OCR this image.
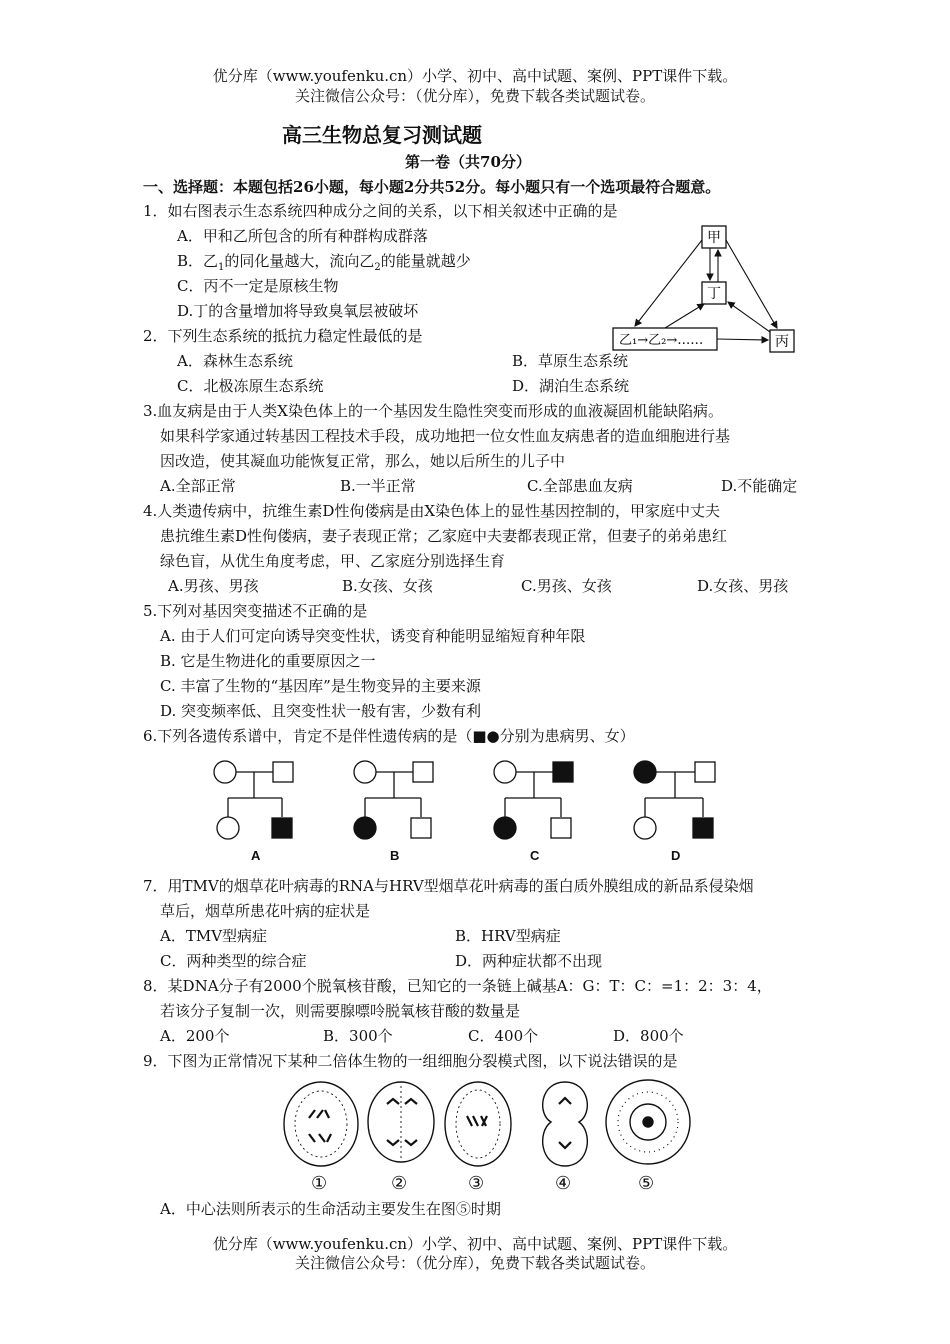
优分库（www.youfenku.cn）小学、初中、高中试题、案例、PPT课件下载。
关注微信公众号：（优分库），免费下载各类试题试卷。
高三生物总复习测试题
第一卷（共70分）
一、选择题：本题包括26小题，每小题2分共52分。每小题只有一个选项最符合题意。
1．如右图表示生态系统四种成分之间的关系，以下相关叙述中正确的是
A．甲和乙所包含的所有种群构成群落
B．乙$_1$的同化量越大，流向乙$_2$的能量就越少
C．丙不一定是原核生物
D.丁的含量增加将导致臭氧层被破坏
甲
丁
乙₁→乙₂→……	丙
2．下列生态系统的抵抗力稳定性最低的是
A．森林生态系统	B．草原生态系统
C．北极冻原生态系统	D．湖泊生态系统
3.血友病是由于人类X染色体上的一个基因发生隐性突变而形成的血液凝固机能缺陷病。
如果科学家通过转基因工程技术手段，成功地把一位女性血友病患者的造血细胞进行基
因改造，使其凝血功能恢复正常，那么，她以后所生的儿子中
A.全部正常	B.一半正常	C.全部患血友病	D.不能确定
4.人类遗传病中，抗维生素D性佝偻病是由X染色体上的显性基因控制的，甲家庭中丈夫
患抗维生素D性佝偻病，妻子表现正常；乙家庭中夫妻都表现正常，但妻子的弟弟患红
绿色盲，从优生角度考虑，甲、乙家庭分别选择生育
A.男孩、男孩	B.女孩、女孩	C.男孩、女孩	D.女孩、男孩
5.下列对基因突变描述不正确的是
A. 由于人们可定向诱导突变性状，诱变育种能明显缩短育种年限
B. 它是生物进化的重要原因之一
C. 丰富了生物的“基因库”是生物变异的主要来源
D. 突变频率低、且突变性状一般有害，少数有利
6.下列各遗传系谱中，肯定不是伴性遗传病的是（■●分别为患病男、女）
A	B	C	D
7．用TMV的烟草花叶病毒的RNA与HRV型烟草花叶病毒的蛋白质外膜组成的新品系侵染烟
草后，烟草所患花叶病的症状是
A．TMV型病症	B．HRV型病症
C．两种类型的综合症	D．两种症状都不出现
8．某DNA分子有2000个脱氧核苷酸，已知它的一条链上碱基A：G：T：C：=1：2：3：4，
若该分子复制一次，则需要腺嘌呤脱氧核苷酸的数量是
A．200个	B．300个	C．400个	D．800个
9．下图为正常情况下某种二倍体生物的一组细胞分裂模式图，以下说法错误的是
①	②	③	④	⑤
A．中心法则所表示的生命活动主要发生在图⑤时期
优分库（www.youfenku.cn）小学、初中、高中试题、案例、PPT课件下载。
关注微信公众号：（优分库），免费下载各类试题试卷。
